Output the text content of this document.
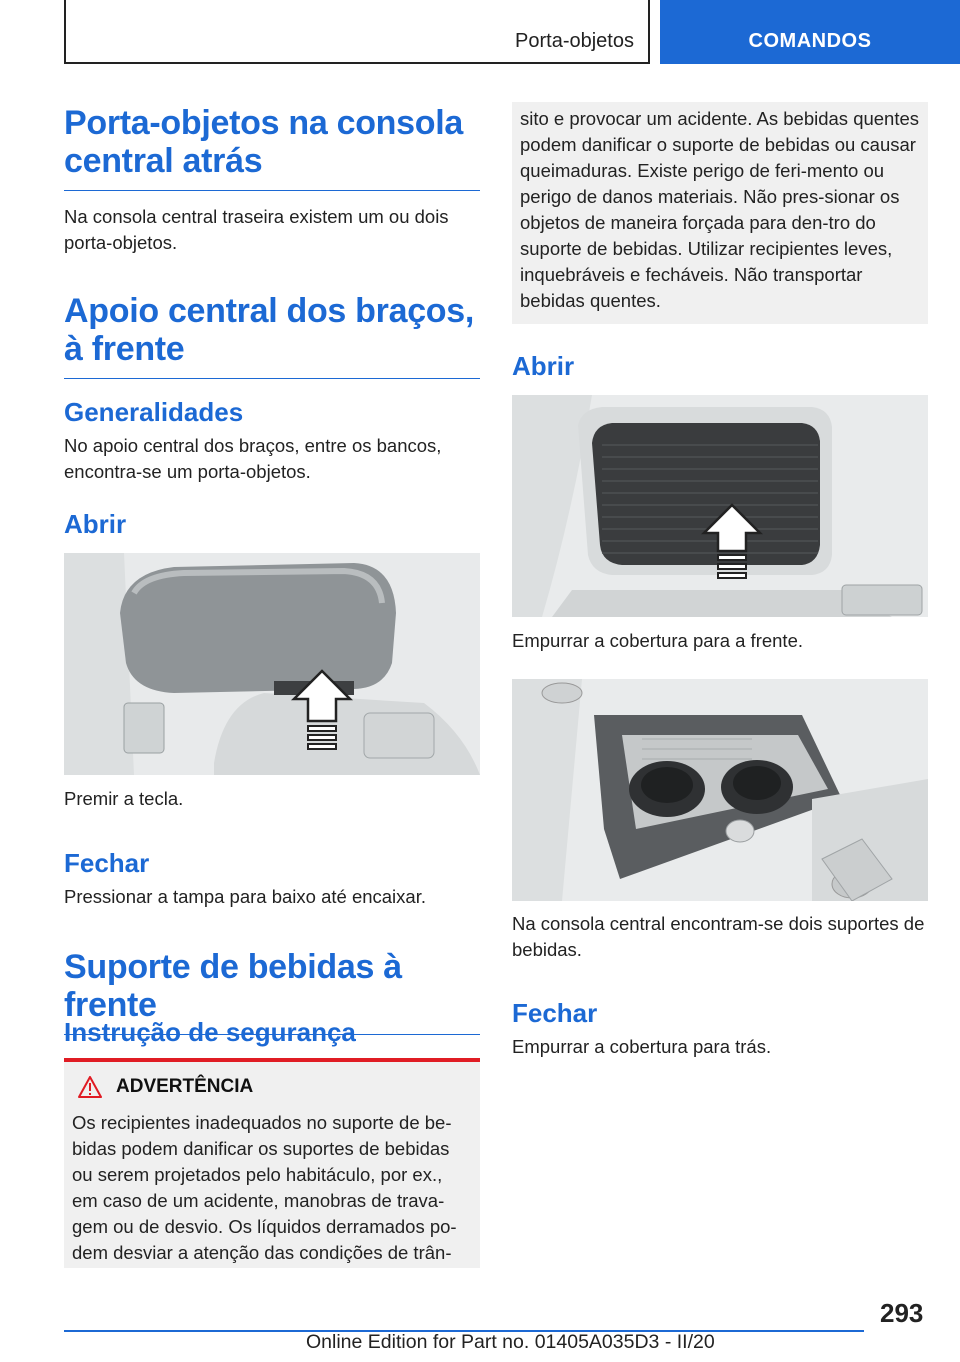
Porta-objetos	COMANDOS
Porta-objetos na consola central atrás

Na consola central traseira existem um ou dois porta-objetos.

Apoio central dos braços, à frente
Generalidades

No apoio central dos braços, entre os bancos, encontra-se um porta-objetos.

Abrir

Premir a tecla.

Fechar

Pressionar a tampa para baixo até encaixar.

Suporte de bebidas à frente
Instrução de segurança
ADVERTÊNCIA

Os recipientes inadequados no suporte de be-bidas podem danificar os suportes de bebidas ou serem projetados pelo habitáculo, por ex., em caso de um acidente, manobras de trava-gem ou de desvio. Os líquidos derramados po-dem desviar a atenção das condições de trân-

sito e provocar um acidente. As bebidas quentes podem danificar o suporte de bebidas ou causar queimaduras. Existe perigo de feri-mento ou perigo de danos materiais. Não pres-sionar os objetos de maneira forçada para den-tro do suporte de bebidas. Utilizar recipientes leves, inquebráveis e fecháveis. Não transportar bebidas quentes.

Abrir

Empurrar a cobertura para a frente.

Na consola central encontram-se dois suportes de bebidas.

Fechar

Empurrar a cobertura para trás.

293
Online Edition for Part no. 01405A035D3 - II/20
